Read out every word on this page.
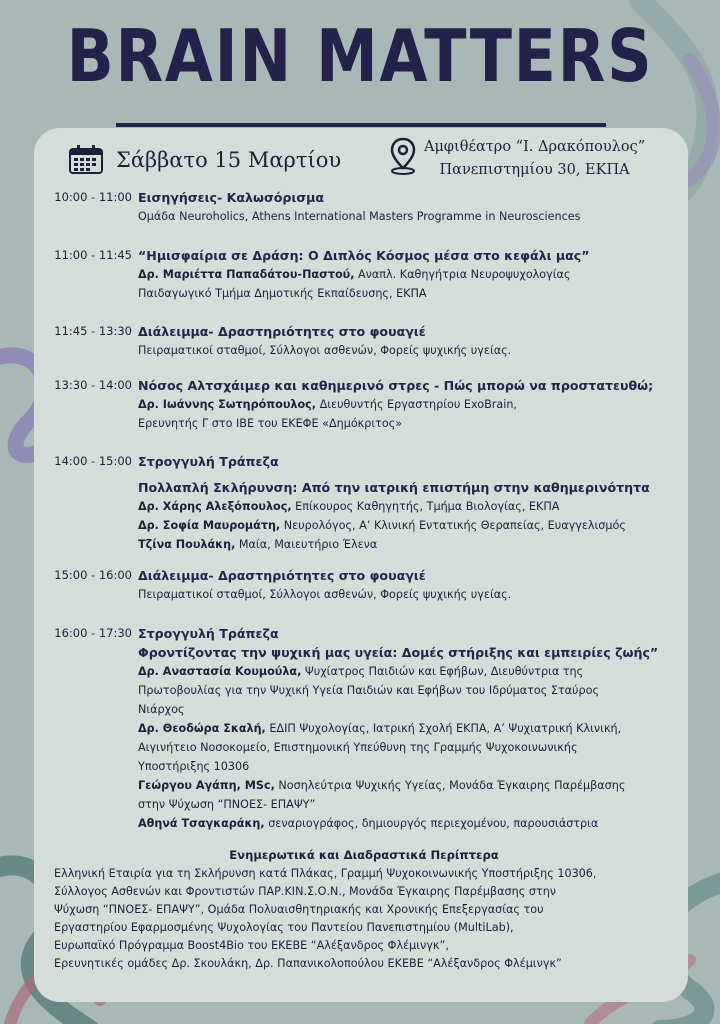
BRAIN MATTERS
Σάββατο 15 Μαρτίου
Αμφιθέατρο “Ι. Δρακόπουλος”
Πανεπιστημίου 30, ΕΚΠΑ
10:00 - 11:00 Εισηγήσεις- Καλωσόρισμα
Ομάδα Neuroholics, Athens International Masters Programme in Neurosciences
11:00 - 11:45 “Ημισφαίρια σε Δράση: Ο Διπλός Κόσμος μέσα στο κεφάλι μας”
Δρ. Μαριέττα Παπαδάτου-Παστού, Αναπλ. Καθηγήτρια Νευροψυχολογίας
Παιδαγωγικό Τμήμα Δημοτικής Εκπαίδευσης, ΕΚΠΑ
11:45 - 13:30 Διάλειμμα- Δραστηριότητες στο φουαγιέ
Πειραματικοί σταθμοί, Σύλλογοι ασθενών, Φορείς ψυχικής υγείας.
13:30 - 14:00 Νόσος Αλτσχάιμερ και καθημερινό στρες - Πώς μπορώ να προστατευθώ;
Δρ. Ιωάννης Σωτηρόπουλος, Διευθυντής Εργαστηρίου ExoBrain,
Ερευνητής Γ στο ΙΒΕ του ΕΚΕΦΕ «Δημόκριτος»
14:00 - 15:00 Στρογγυλή Τράπεζα
Πολλαπλή Σκλήρυνση: Από την ιατρική επιστήμη στην καθημερινότητα
Δρ. Χάρης Αλεξόπουλος, Επίκουρος Καθηγητής, Τμήμα Βιολογίας, ΕΚΠΑ
Δρ. Σοφία Μαυρομάτη, Νευρολόγος, Α’ Κλινική Εντατικής Θεραπείας, Ευαγγελισμός
Τζίνα Πουλάκη, Μαία, Μαιευτήριο Έλενα
15:00 - 16:00 Διάλειμμα- Δραστηριότητες στο φουαγιέ
Πειραματικοί σταθμοί, Σύλλογοι ασθενών, Φορείς ψυχικής υγείας.
16:00 - 17:30 Στρογγυλή Τράπεζα
Φροντίζοντας την ψυχική μας υγεία: Δομές στήριξης και εμπειρίες ζωής”
Δρ. Αναστασία Κουμούλα, Ψυχίατρος Παιδιών και Εφήβων, Διευθύντρια της
Πρωτοβουλίας για την Ψυχική Υγεία Παιδιών και Εφήβων του Ιδρύματος Σταύρος
Νιάρχος
Δρ. Θεοδώρα Σκαλή, ΕΔΙΠ Ψυχολογίας, Ιατρική Σχολή ΕΚΠΑ, Α’ Ψυχιατρική Κλινική,
Αιγινήτειο Νοσοκομείο, Επιστημονική Υπεύθυνη της Γραμμής Ψυχοκοινωνικής
Υποστήριξης 10306
Γεώργου Αγάπη, MSc, Νοσηλεύτρια Ψυχικής Υγείας, Μονάδα Έγκαιρης Παρέμβασης
στην Ψύχωση “ΠΝΟΕΣ- ΕΠΑΨΥ”
Αθηνά Τσαγκαράκη, σεναριογράφος, δημιουργός περιεχομένου, παρουσιάστρια
Ενημερωτικά και Διαδραστικά Περίπτερα
Ελληνική Εταιρία για τη Σκλήρυνση κατά Πλάκας, Γραμμή Ψυχοκοινωνικής Υποστήριξης 10306,
Σύλλογος Ασθενών και Φροντιστών ΠΑΡ.ΚΙΝ.Σ.Ο.Ν., Μονάδα Έγκαιρης Παρέμβασης στην
Ψύχωση “ΠΝΟΕΣ- ΕΠΑΨΥ”, Ομάδα Πολυαισθητηριακής και Χρονικής Επεξεργασίας του
Εργαστηρίου Εφαρμοσμένης Ψυχολογίας του Παντείου Πανεπιστημίου (MultiLab),
Ευρωπαϊκό Πρόγραμμα Boost4Bio του ΕΚΕΒΕ “Αλέξανδρος Φλέμινγκ”,
Ερευνητικές ομάδες Δρ. Σκουλάκη, Δρ. Παπανικολοπούλου ΕΚΕΒΕ “Αλέξανδρος Φλέμινγκ”
